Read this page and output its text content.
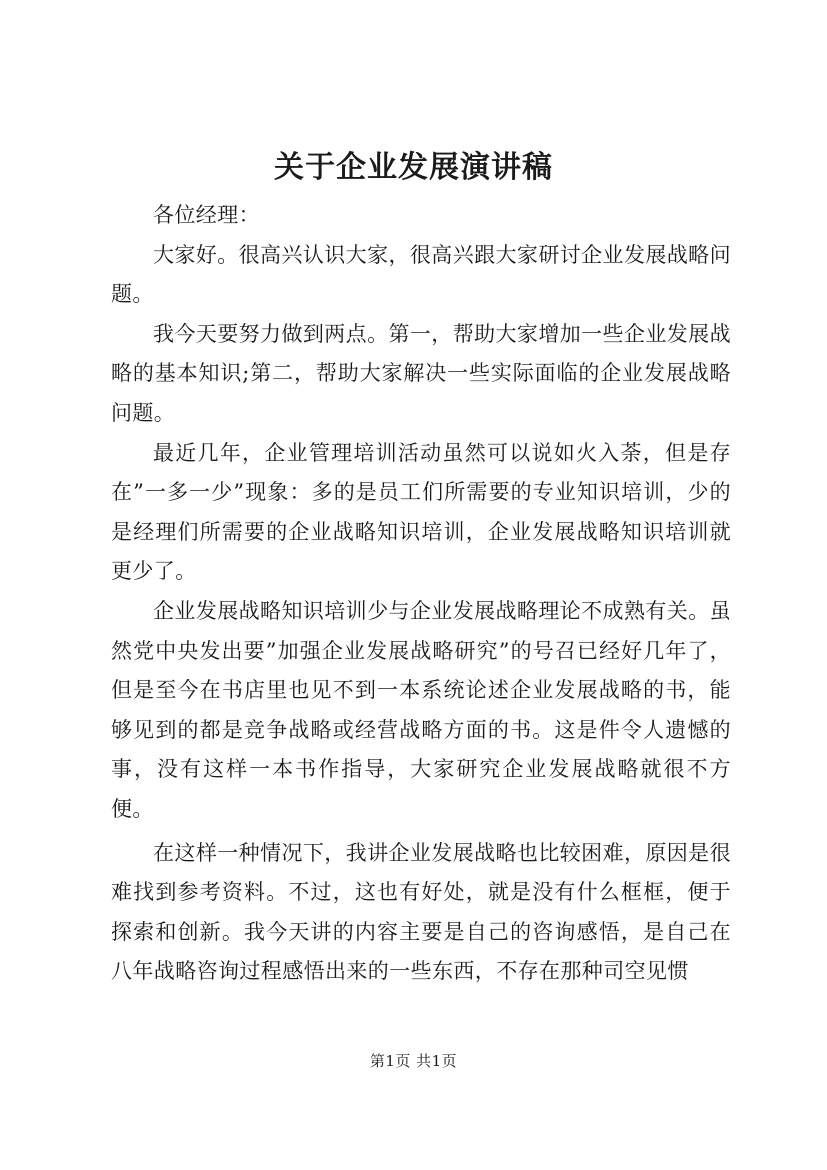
关于企业发展演讲稿

各位经理：

大家好。很高兴认识大家，很高兴跟大家研讨企业发展战略问题。

我今天要努力做到两点。第一，帮助大家增加一些企业发展战略的基本知识;第二，帮助大家解决一些实际面临的企业发展战略问题。

最近几年，企业管理培训活动虽然可以说如火入荼，但是存在”一多一少”现象：多的是员工们所需要的专业知识培训，少的是经理们所需要的企业战略知识培训，企业发展战略知识培训就更少了。

企业发展战略知识培训少与企业发展战略理论不成熟有关。虽然党中央发出要”加强企业发展战略研究”的号召已经好几年了，但是至今在书店里也见不到一本系统论述企业发展战略的书，能够见到的都是竞争战略或经营战略方面的书。这是件令人遗憾的事，没有这样一本书作指导，大家研究企业发展战略就很不方便。

在这样一种情况下，我讲企业发展战略也比较困难，原因是很难找到参考资料。不过，这也有好处，就是没有什么框框，便于探索和创新。我今天讲的内容主要是自己的咨询感悟，是自己在八年战略咨询过程感悟出来的一些东西，不存在那种司空见惯

第1页 共1页
